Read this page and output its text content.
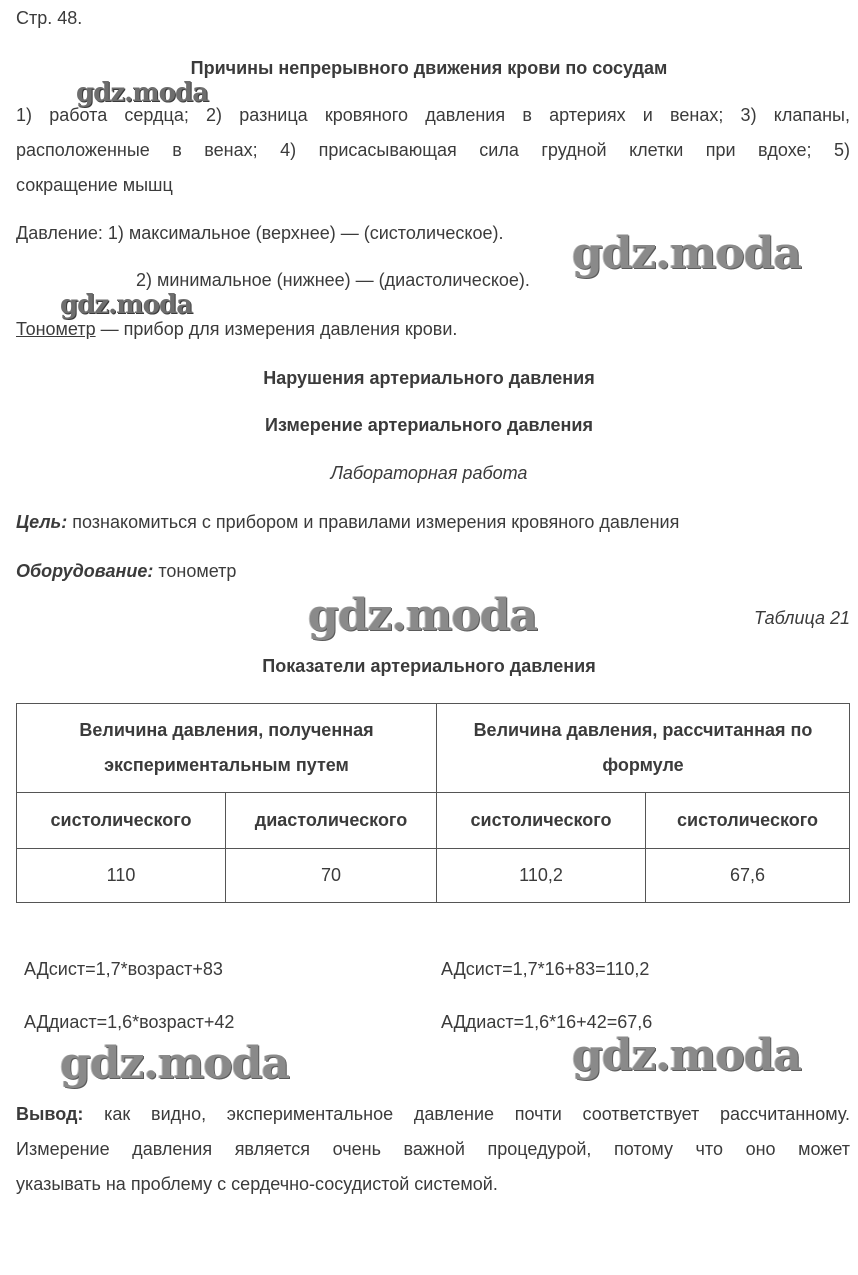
Стр. 48.
Причины непрерывного движения крови по сосудам
1) работа сердца; 2) разница кровяного давления в артериях и венах; 3) клапаны,
расположенные в венах; 4) присасывающая сила грудной клетки при вдохе; 5)
сокращение мышц
Давление: 1) максимальное (верхнее) — (систолическое).
2) минимальное (нижнее) — (диастолическое).
Тонометр — прибор для измерения давления крови.
Нарушения артериального давления
Измерение артериального давления
Лабораторная работа
Цель: познакомиться с прибором и правилами измерения кровяного давления
Оборудование: тонометр
Таблица 21
Показатели артериального давления
Величина давления, полученная экспериментальным путем		Величина давления, рассчитанная по формуле	
систолического	диастолического	систолического	систолического
110	70	110,2	67,6
АДсист=1,7*возраст+83	АДсист=1,7*16+83=110,2
АДдиаст=1,6*возраст+42	АДдиаст=1,6*16+42=67,6
Вывод: как видно, экспериментальное давление почти соответствует рассчитанному.
Измерение давления является очень важной процедурой, потому что оно может
указывать на проблему с сердечно-сосудистой системой.
gdz.moda
gdz.moda
gdz.moda
gdz.moda
gdz.moda	gdz.moda
